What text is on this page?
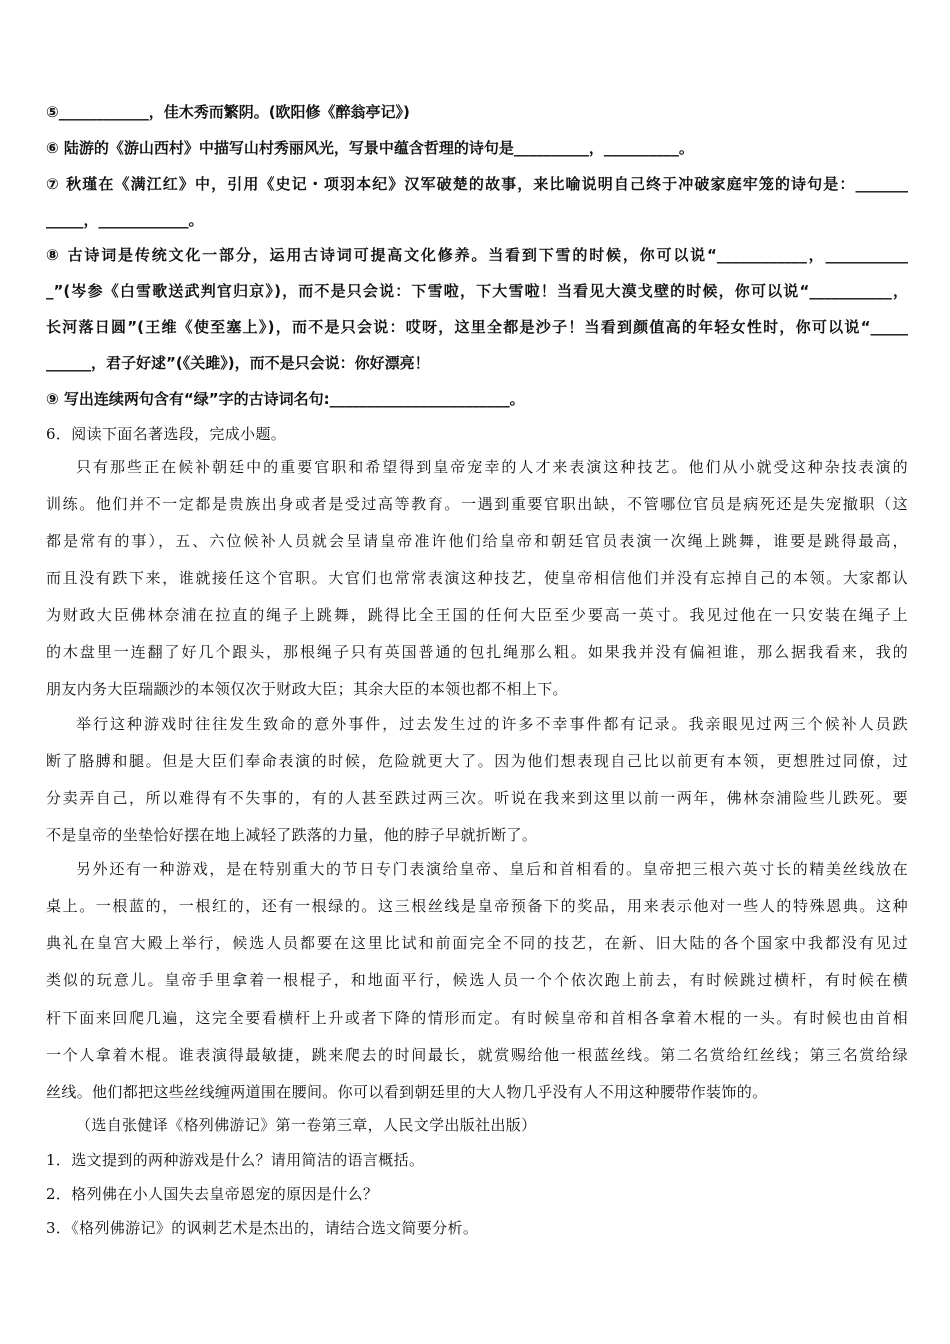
⑤____________，佳木秀而繁阴。(欧阳修《醉翁亭记》)
⑥ 陆游的《游山西村》中描写山村秀丽风光，写景中蕴含哲理的诗句是__________，__________。
⑦ 秋瑾在《满江红》中，引用《史记・项羽本纪》汉军破楚的故事，来比喻说明自己终于冲破家庭牢笼的诗句是：_______
_____，____________。
⑧ 古诗词是传统文化一部分，运用古诗词可提高文化修养。当看到下雪的时候，你可以说“____________，___________
_”(岑参《白雪歌送武判官归京》)，而不是只会说：下雪啦，下大雪啦！当看见大漠戈壁的时候，你可以说“___________，
长河落日圆”(王维《使至塞上》)，而不是只会说：哎呀，这里全都是沙子！当看到颜值高的年轻女性时，你可以说“_____
______，君子好逑”(《关雎》)，而不是只会说：你好漂亮！
⑨ 写出连续两句含有“绿”字的古诗词名句:________________________。
6．阅读下面名著选段，完成小题。
只有那些正在候补朝廷中的重要官职和希望得到皇帝宠幸的人才来表演这种技艺。他们从小就受这种杂技表演的
训练。他们并不一定都是贵族出身或者是受过高等教育。一遇到重要官职出缺，不管哪位官员是病死还是失宠撤职（这
都是常有的事），五、六位候补人员就会呈请皇帝准许他们给皇帝和朝廷官员表演一次绳上跳舞，谁要是跳得最高，
而且没有跌下来，谁就接任这个官职。大官们也常常表演这种技艺，使皇帝相信他们并没有忘掉自己的本领。大家都认
为财政大臣佛林奈浦在拉直的绳子上跳舞，跳得比全王国的任何大臣至少要高一英寸。我见过他在一只安装在绳子上
的木盘里一连翻了好几个跟头，那根绳子只有英国普通的包扎绳那么粗。如果我并没有偏袒谁，那么据我看来，我的
朋友内务大臣瑞颛沙的本领仅次于财政大臣；其余大臣的本领也都不相上下。
举行这种游戏时往往发生致命的意外事件，过去发生过的许多不幸事件都有记录。我亲眼见过两三个候补人员跌
断了胳膊和腿。但是大臣们奉命表演的时候，危险就更大了。因为他们想表现自己比以前更有本领，更想胜过同僚，过
分卖弄自己，所以难得有不失事的，有的人甚至跌过两三次。听说在我来到这里以前一两年，佛林奈浦险些儿跌死。要
不是皇帝的坐垫恰好摆在地上减轻了跌落的力量，他的脖子早就折断了。
另外还有一种游戏，是在特别重大的节日专门表演给皇帝、皇后和首相看的。皇帝把三根六英寸长的精美丝线放在
桌上。一根蓝的，一根红的，还有一根绿的。这三根丝线是皇帝预备下的奖品，用来表示他对一些人的特殊恩典。这种
典礼在皇宫大殿上举行，候选人员都要在这里比试和前面完全不同的技艺，在新、旧大陆的各个国家中我都没有见过
类似的玩意儿。皇帝手里拿着一根棍子，和地面平行，候选人员一个个依次跑上前去，有时候跳过横杆，有时候在横
杆下面来回爬几遍，这完全要看横杆上升或者下降的情形而定。有时候皇帝和首相各拿着木棍的一头。有时候也由首相
一个人拿着木棍。谁表演得最敏捷，跳来爬去的时间最长，就赏赐给他一根蓝丝线。第二名赏给红丝线；第三名赏给绿
丝线。他们都把这些丝线缠两道围在腰间。你可以看到朝廷里的大人物几乎没有人不用这种腰带作装饰的。
（选自张健译《格列佛游记》第一卷第三章，人民文学出版社出版）
1．选文提到的两种游戏是什么？请用简洁的语言概括。
2．格列佛在小人国失去皇帝恩宠的原因是什么？
3．《格列佛游记》的讽刺艺术是杰出的，请结合选文简要分析。
